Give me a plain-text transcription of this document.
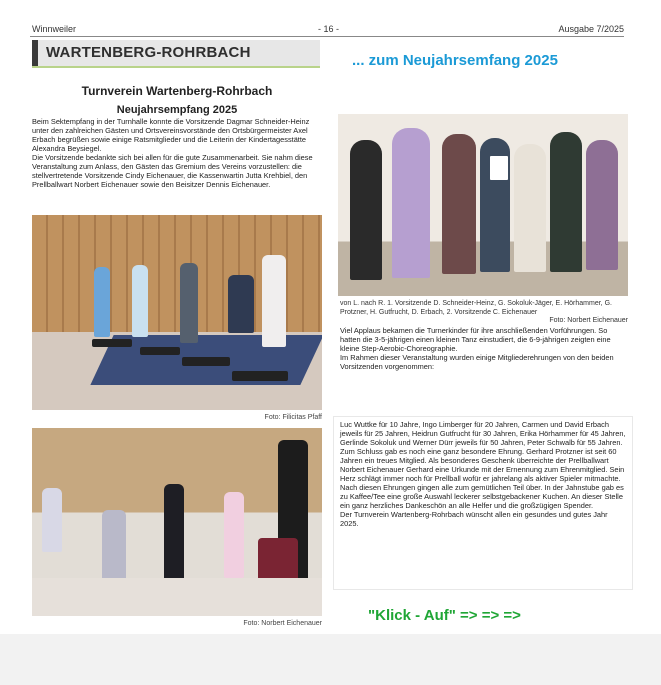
Winnweiler	- 16 -	Ausgabe 7/2025
WARTENBERG-ROHRBACH	... zum Neujahrsemfang 2025
Turnverein Wartenberg-Rohrbach
Neujahrsempfang 2025

Beim Sektempfang in der Turnhalle konnte die Vorsitzende Dagmar Schneider-Heinz unter den zahlreichen Gästen und Ortsvereinsvorstände den Ortsbürgermeister Axel Erbach begrüßen sowie einige Ratsmitglieder und die Leiterin der Kindertagesstätte Alexandra Beysiegel.

Die Vorsitzende bedankte sich bei allen für die gute Zusammenarbeit. Sie nahm diese Veranstaltung zum Anlass, den Gästen das Gremium des Vereins vorzustellen: die stellvertretende Vorsitzende Cindy Eichenauer, die Kassenwartin Jutta Krehbiel, den Prellballwart Norbert Eichenauer sowie den Beisitzer Dennis Eichenauer.

Foto: Filicitas Pfaff
Foto: Norbert Eichenauer
von L. nach R. 1. Vorsitzende D. Schneider-Heinz, G. Sokoluk-Jäger, E. Hörhammer, G. Protzner, H. Gutfrucht, D. Erbach, 2. Vorsitzende C. Eichenauer
Foto: Norbert Eichenauer

Viel Applaus bekamen die Turnerkinder für ihre anschließenden Vorführungen. So hatten die 3-5-jährigen einen kleinen Tanz einstudiert, die 6-9-jährigen zeigten eine kleine Step-Aerobic-Choreographie.

Im Rahmen dieser Veranstaltung wurden einige Mitgliederehrungen von den beiden Vorsitzenden vorgenommen:

Luc Wuttke für 10 Jahre, Ingo Limberger für 20 Jahren, Carmen und David Erbach jeweils für 25 Jahren, Heidrun Gutfrucht für 30 Jahren, Erika Hörhammer für 45 Jahren, Gerlinde Sokoluk und Werner Dürr jeweils für 50 Jahren, Peter Schwalb für 55 Jahren.

Zum Schluss gab es noch eine ganz besondere Ehrung. Gerhard Protzner ist seit 60 Jahren ein treues Mitglied. Als besonderes Geschenk überreichte der Prellballwart Norbert Eichenauer Gerhard eine Urkunde mit der Ernennung zum Ehrenmitglied. Sein Herz schlägt immer noch für Prellball wofür er jahrelang als aktiver Spieler mitmachte.

Nach diesen Ehrungen gingen alle zum gemütlichen Teil über. In der Jahnstube gab es zu Kaffee/Tee eine große Auswahl leckerer selbstgebackener Kuchen. An dieser Stelle ein ganz herzliches Dankeschön an alle Helfer und die großzügigen Spender.

Der Turnverein Wartenberg-Rohrbach wünscht allen ein gesundes und gutes Jahr 2025.

"Klick - Auf" => => =>
